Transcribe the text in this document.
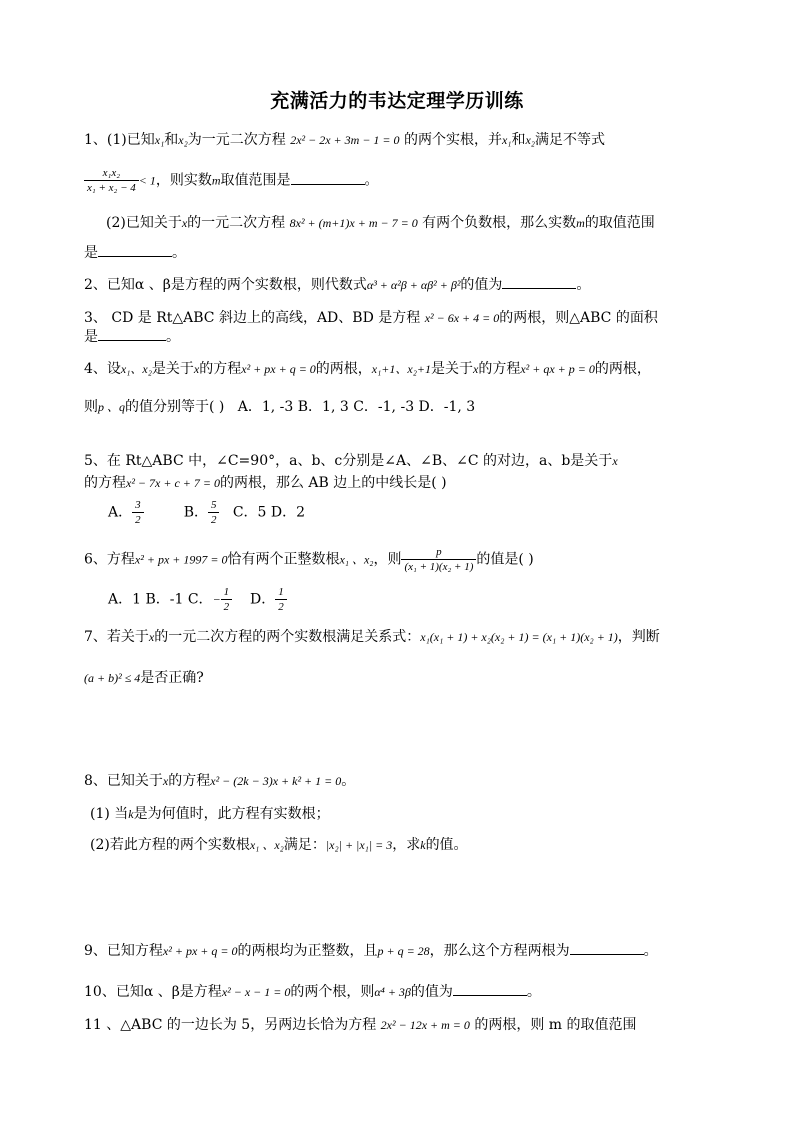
充满活力的韦达定理学历训练
1、(1)已知x₁和x₂为一元二次方程 2x² − 2x + 3m − 1 = 0 的两个实根，并x₁和x₂满足不等式
$\frac{\text{x₁x₂}}{\text{x₁ + x₂ − 4}} < 1$，则实数m取值范围是	。
(2)已知关于x的一元二次方程 8x² + (m+1)x + m − 7 = 0 有两个负数根，那么实数m的取值范围
是	。
2、已知α 、β是方程的两个实数根，则代数式α³ + α²β + αβ² + β²的值为	。
3、 CD 是 Rt△ABC 斜边上的高线，AD、BD 是方程 x² − 6x + 4 = 0的两根，则△ABC 的面积
是	。
4、设x₁、x₂是关于x的方程x² + px + q = 0的两根，x₁+1、x₂+1是关于x的方程x² + qx + p = 0的两根，
则p 、q的值分别等于( ) A．1, -3 B．1, 3 C．-1, -3 D．-1, 3
5、在 Rt△ABC 中，∠C=90°，a、b、c分别是∠A、∠B、∠C 的对边，a、b是关于x
的方程x² − 7x + c + 7 = 0的两根，那么 AB 边上的中线长是( )
A． $\frac{3}{2}$	B． $\frac{5}{2}$ C．5 D．2
6、方程x² + px + 1997 = 0恰有两个正整数根x₁ 、x₂，则 $\frac{p}{\text{(x₁ + 1)(x₂ + 1)}}$ 的值是( )
A．1 B．-1 C．− $\frac{1}{2}$ D． $\frac{1}{2}$
7、若关于x的一元二次方程的两个实数根满足关系式：x₁(x₁ + 1) + x₂(x₂ + 1) = (x₁ + 1)(x₂ + 1)，判断
(a + b)² ≤ 4是否正确?
8、已知关于x的方程x² − (2k − 3)x + k² + 1 = 0。
(1) 当k是为何值时，此方程有实数根；
(2)若此方程的两个实数根x₁ 、x₂满足：|x₂| + |x₁| = 3，求k的值。
9、已知方程x² + px + q = 0的两根均为正整数，且p + q = 28，那么这个方程两根为	。
10、已知α 、β是方程x² − x − 1 = 0的两个根，则α⁴ + 3β的值为	。
11 、△ABC 的一边长为 5，另两边长恰为方程 2x² − 12x + m = 0 的两根，则 m 的取值范围
